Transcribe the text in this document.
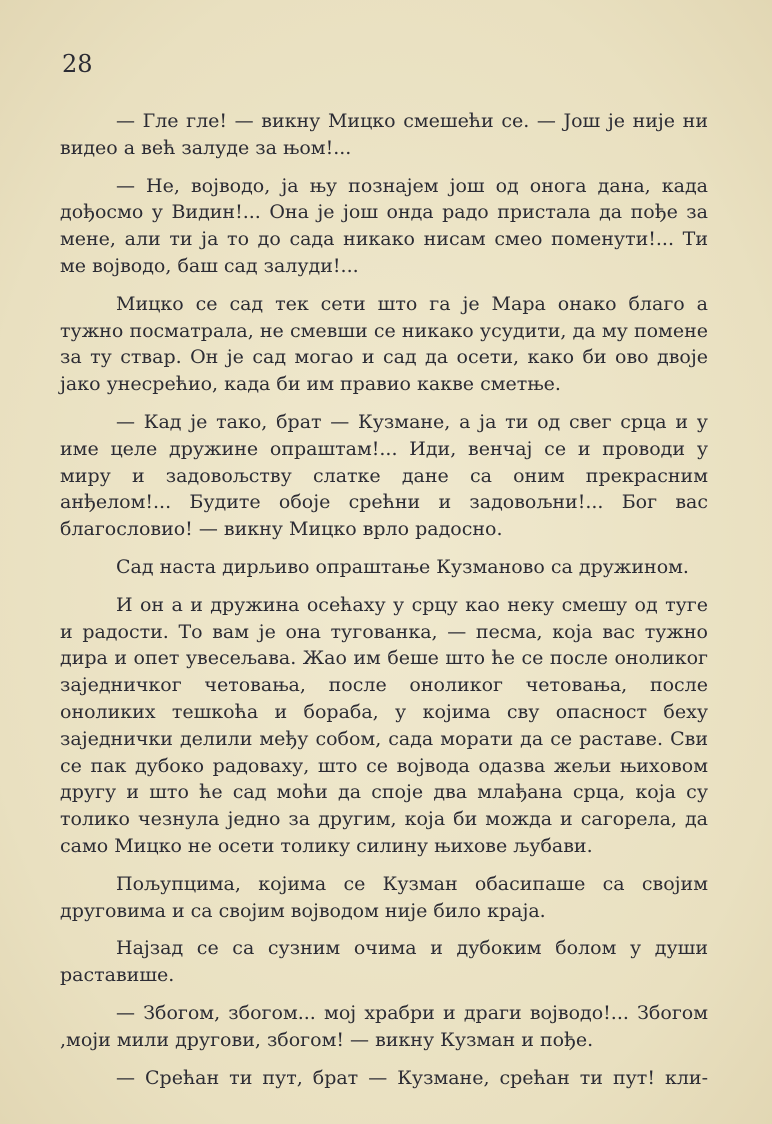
28

— Гле гле! — викну Мицко смешећи се. — Још је није ни видео а већ залуде за њом!...

— Не, војводо, ја њу познајем још од онога дана, када дођосмо у Видин!... Она је још онда радо пристала да пође за мене, али ти ја то до сада никако нисам смео поменути!... Ти ме војводо, баш сад залуди!...

Мицко се сад тек сети што га је Мара онако благо а тужно посматрала, не смевши се никако усудити, да му помене за ту ствар. Он је сад могао и сад да осети, како би ово двоје јако унесрећио, када би им правио какве сметње.

— Кад је тако, брат — Кузмане, а ја ти од свег срца и у име целе дружине опраштам!... Иди, венчај се и проводи у миру и задовољству слатке дане са оним прекрасним анђелом!... Будите обоје срећни и задовољни!... Бог вас благословио! — викну Мицко врло радосно.

Сад наста дирљиво опраштање Кузманово са дружином.

И он а и дружина осећаху у срцу као неку смешу од туге и радости. То вам је она тугованка, — песма, која вас тужно дира и опет увесељава. Жао им беше што ће се после оноликог заједничког четовања, после оноликог четовања, после оноликих тешкоћа и бораба, у којима сву опасност беху заједнички делили међу собом, сада морати да се раставе. Сви се пак дубоко радоваху, што се војвода одазва жељи њиховом другу и што ће сад моћи да споје два млађана срца, која су толико чезнула једно за другим, која би можда и сагорела, да само Мицко не осети толику силину њихове љубави.

Пољупцима, којима се Кузман обасипаше са својим друговима и са својим војводом није било краја.

Најзад се са сузним очима и дубоким болом у души раставише.

— Збогом, збогом... мој храбри и драги војводо!... Збогом ,моји мили другови, збогом! — викну Кузман и пође.

— Срећан ти пут, брат — Кузмане, срећан ти пут! кли-
